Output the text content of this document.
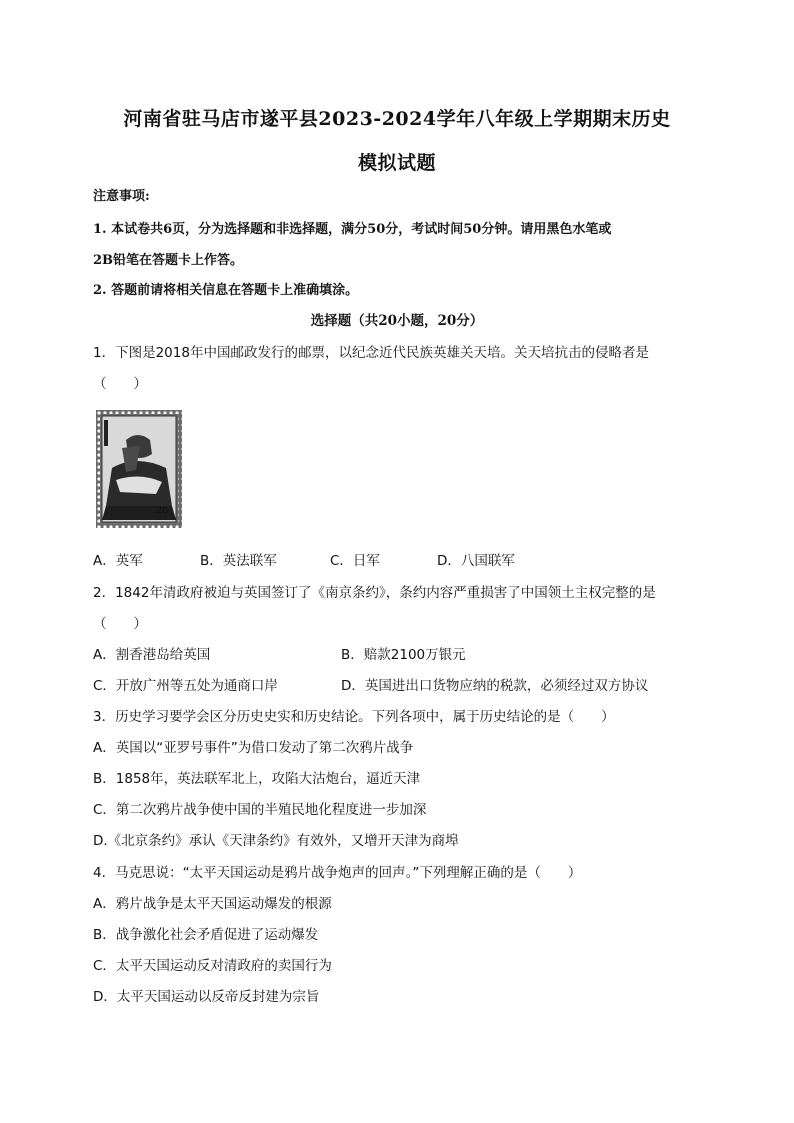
河南省驻马店市遂平县2023-2024学年八年级上学期期末历史
模拟试题
注意事项:
1. 本试卷共6页，分为选择题和非选择题，满分50分，考试时间50分钟。请用黑色水笔或
2B铅笔在答题卡上作答。
2. 答题前请将相关信息在答题卡上准确填涂。
选择题（共20小题，20分）
1．下图是2018年中国邮政发行的邮票，以纪念近代民族英雄关天培。关天培抗击的侵略者是
（　　）
20
A．英军	B．英法联军	C．日军	D．八国联军
2．1842年清政府被迫与英国签订了《南京条约》，条约内容严重损害了中国领土主权完整的是
（　　）
A．割香港岛给英国	B．赔款2100万银元
C．开放广州等五处为通商口岸	D．英国进出口货物应纳的税款，必须经过双方协议
3．历史学习要学会区分历史史实和历史结论。下列各项中，属于历史结论的是（　　）
A．英国以“亚罗号事件”为借口发动了第二次鸦片战争
B．1858年，英法联军北上，攻陷大沽炮台，逼近天津
C．第二次鸦片战争使中国的半殖民地化程度进一步加深
D.《北京条约》承认《天津条约》有效外，又增开天津为商埠
4．马克思说：“太平天国运动是鸦片战争炮声的回声。”下列理解正确的是（　　）
A．鸦片战争是太平天国运动爆发的根源
B．战争激化社会矛盾促进了运动爆发
C．太平天国运动反对清政府的卖国行为
D．太平天国运动以反帝反封建为宗旨
